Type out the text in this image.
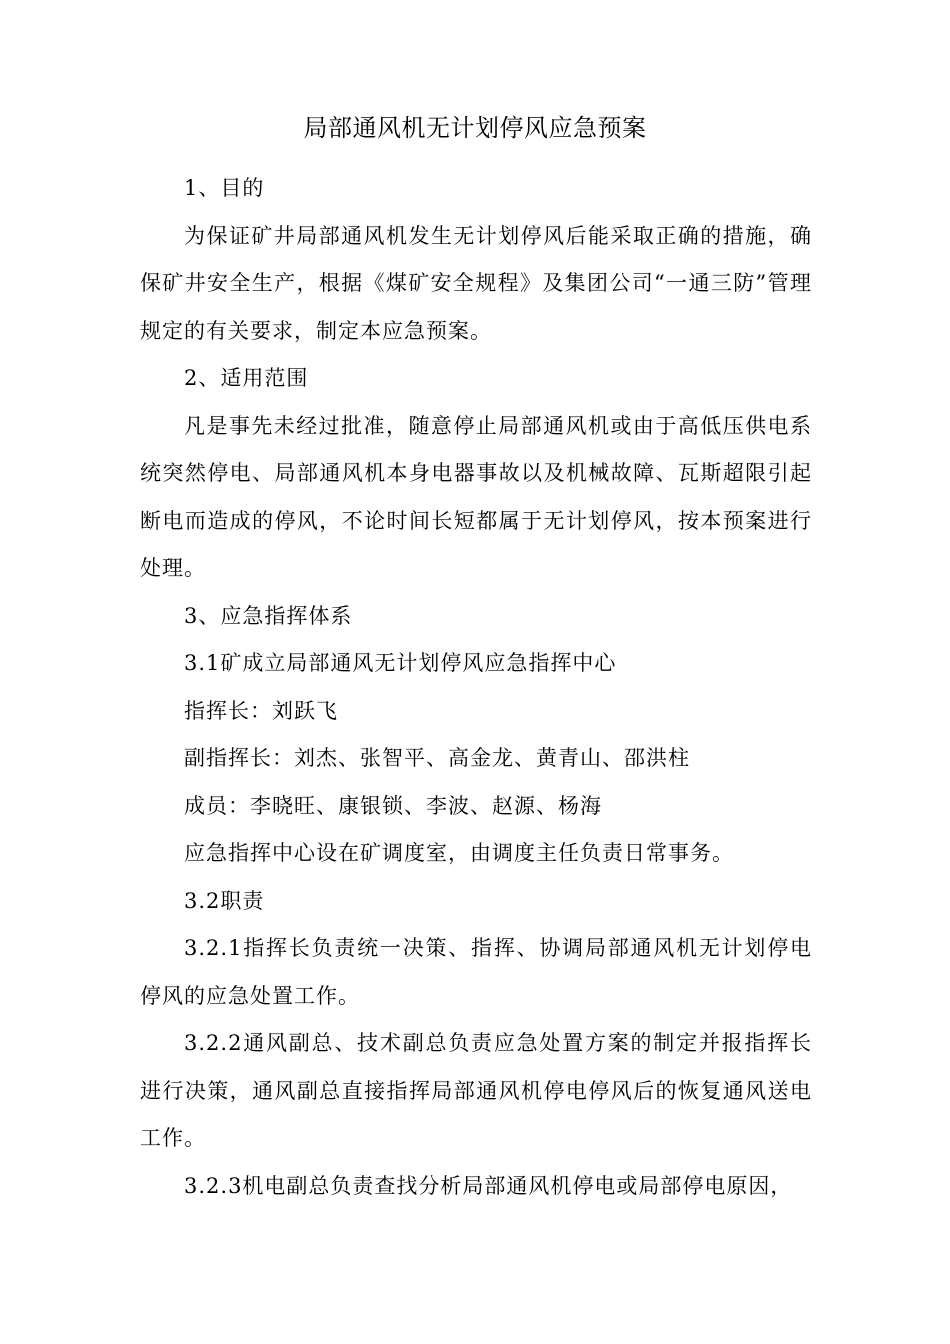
局部通风机无计划停风应急预案

1、目的

为保证矿井局部通风机发生无计划停风后能采取正确的措施，确保矿井安全生产，根据《煤矿安全规程》及集团公司“一通三防”管理规定的有关要求，制定本应急预案。

2、适用范围

凡是事先未经过批准，随意停止局部通风机或由于高低压供电系统突然停电、局部通风机本身电器事故以及机械故障、瓦斯超限引起断电而造成的停风，不论时间长短都属于无计划停风，按本预案进行处理。

3、应急指挥体系

3.1矿成立局部通风无计划停风应急指挥中心

指挥长：刘跃飞

副指挥长：刘杰、张智平、高金龙、黄青山、邵洪柱

成员：李晓旺、康银锁、李波、赵源、杨海

应急指挥中心设在矿调度室，由调度主任负责日常事务。

3.2职责

3.2.1指挥长负责统一决策、指挥、协调局部通风机无计划停电停风的应急处置工作。

3.2.2通风副总、技术副总负责应急处置方案的制定并报指挥长进行决策，通风副总直接指挥局部通风机停电停风后的恢复通风送电工作。

3.2.3机电副总负责查找分析局部通风机停电或局部停电原因，
